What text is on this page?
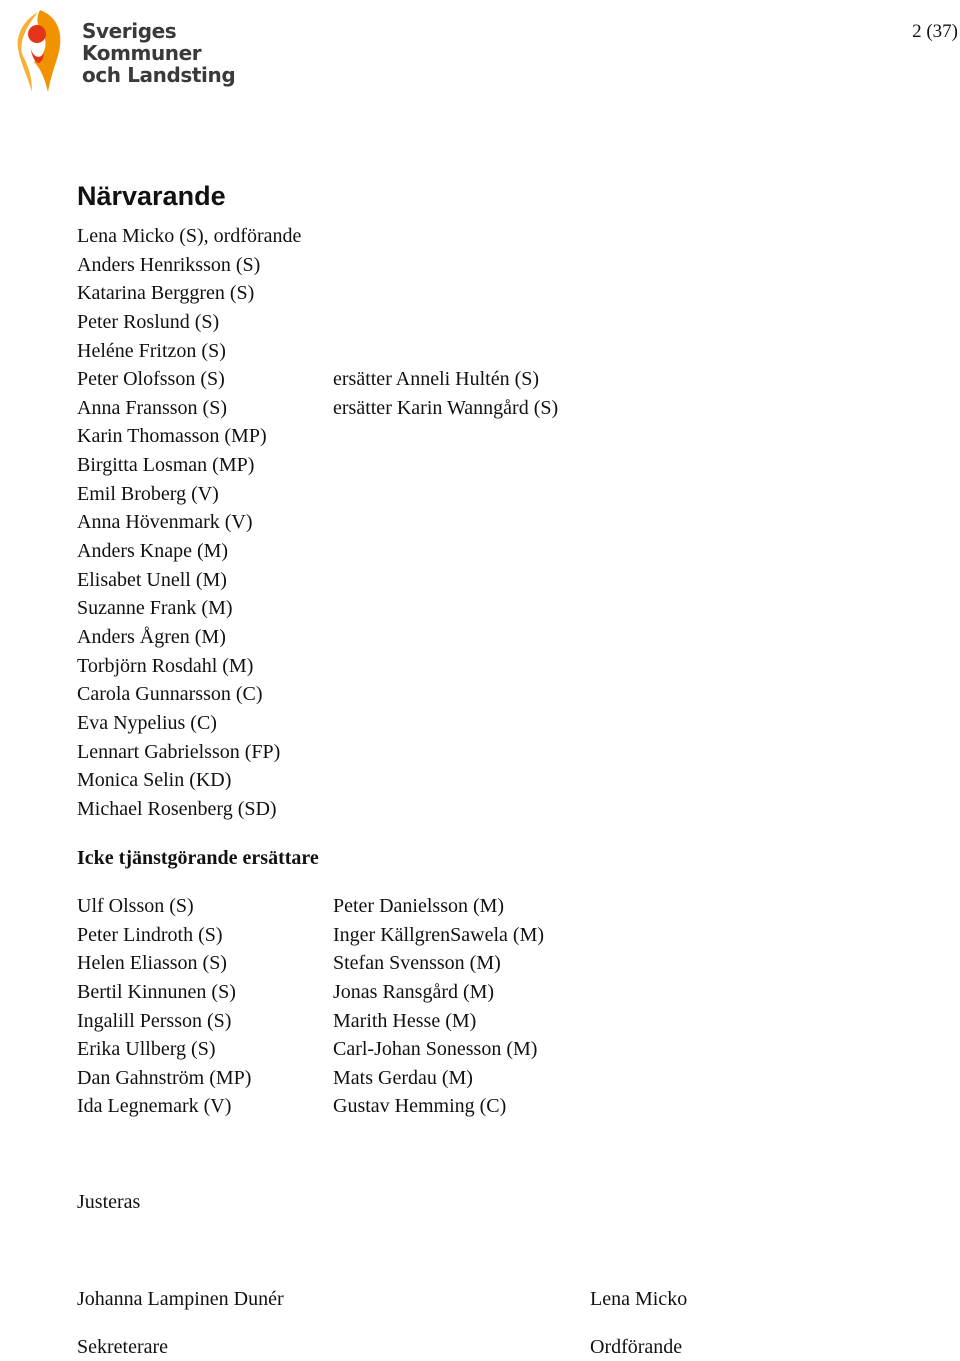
Sveriges
Kommuner
och Landsting
2 (37)
Närvarande
Lena Micko (S), ordförande
Anders Henriksson (S)
Katarina Berggren (S)
Peter Roslund (S)
Heléne Fritzon (S)
Peter Olofsson (S)	ersätter Anneli Hultén (S)
Anna Fransson (S)	ersätter Karin Wanngård (S)
Karin Thomasson (MP)
Birgitta Losman (MP)
Emil Broberg (V)
Anna Hövenmark (V)
Anders Knape (M)
Elisabet Unell (M)
Suzanne Frank (M)
Anders Ågren (M)
Torbjörn Rosdahl (M)
Carola Gunnarsson (C)
Eva Nypelius (C)
Lennart Gabrielsson (FP)
Monica Selin (KD)
Michael Rosenberg (SD)
Icke tjänstgörande ersättare
Ulf Olsson (S)
Peter Lindroth (S)
Helen Eliasson (S)
Bertil Kinnunen (S)
Ingalill Persson (S)
Erika Ullberg (S)
Dan Gahnström (MP)
Ida Legnemark (V)
Peter Danielsson (M)
Inger KällgrenSawela (M)
Stefan Svensson (M)
Jonas Ransgård (M)
Marith Hesse (M)
Carl-Johan Sonesson (M)
Mats Gerdau (M)
Gustav Hemming (C)
Justeras
Johanna Lampinen Dunér
Sekreterare
Lena Micko
Ordförande
